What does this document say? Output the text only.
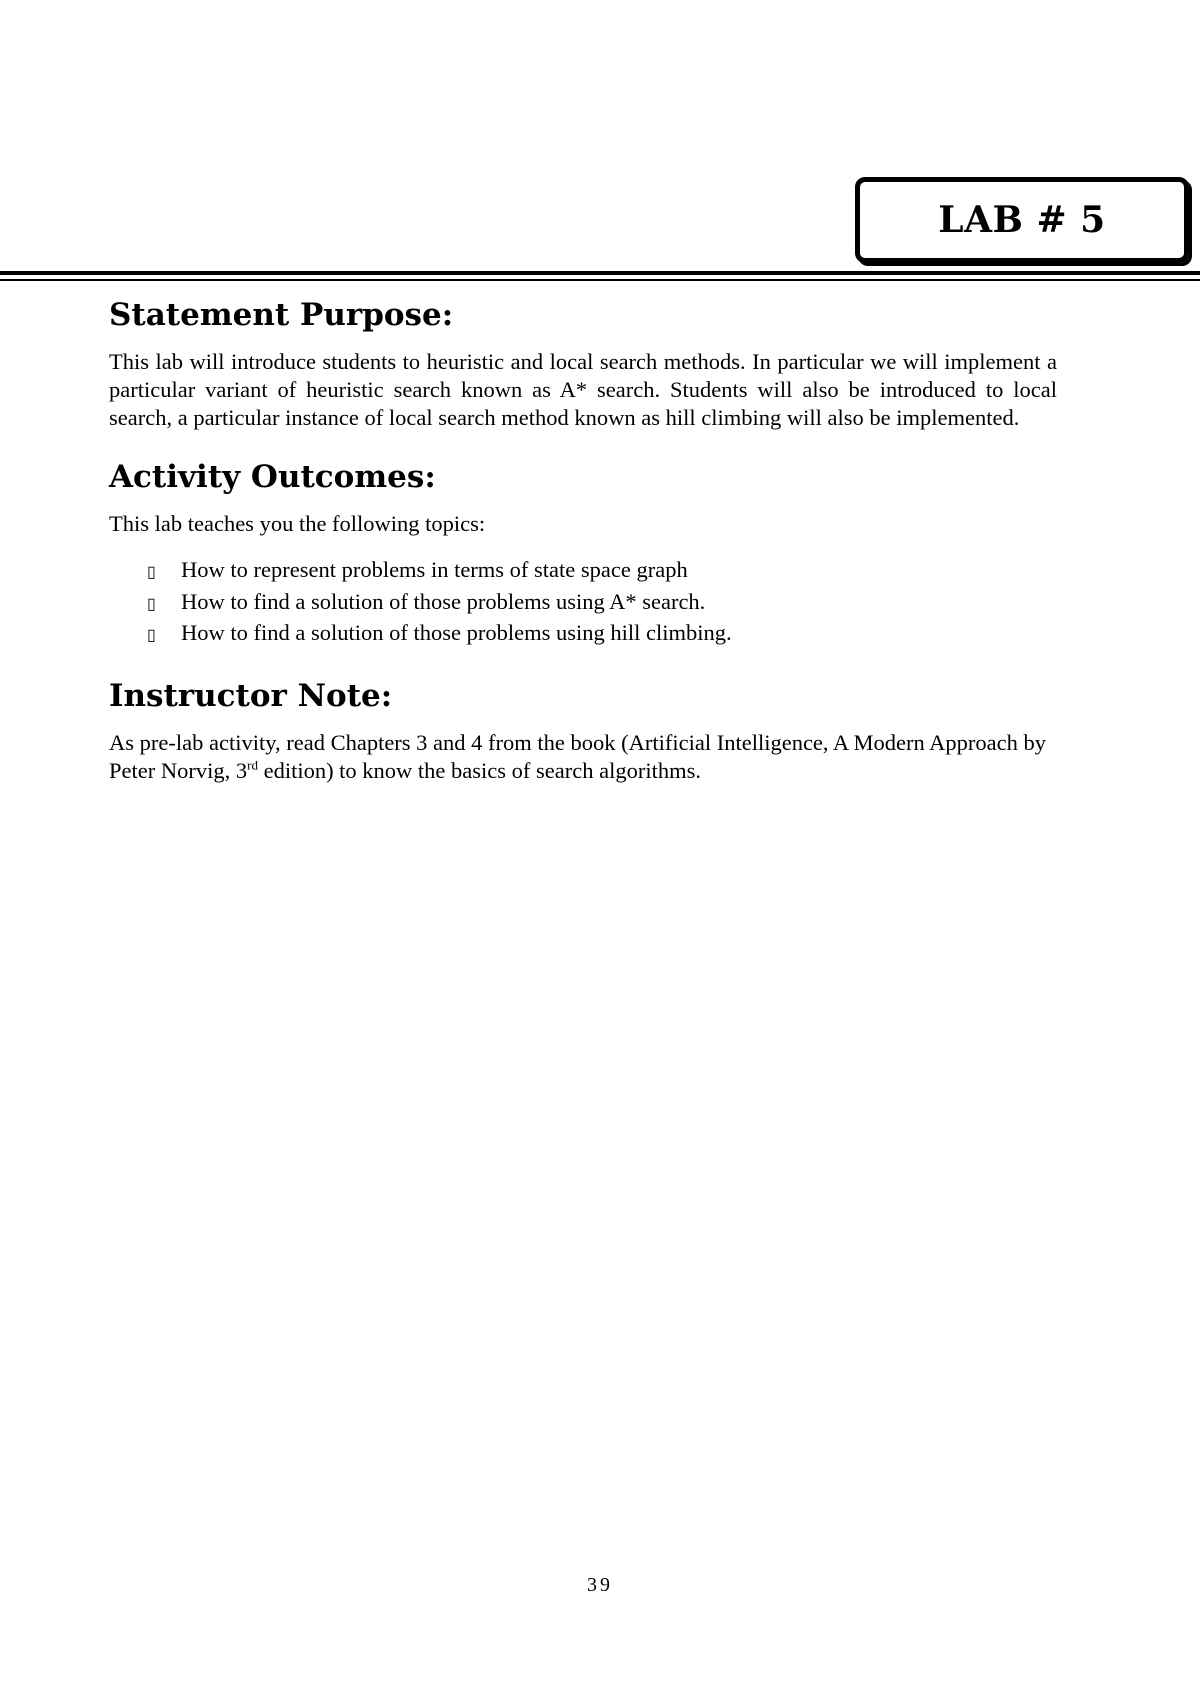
LAB # 5
Statement Purpose:

This lab will introduce students to heuristic and local search methods. In particular we will implement a particular variant of heuristic search known as A* search. Students will also be introduced to local search, a particular instance of local search method known as hill climbing will also be implemented.

Activity Outcomes:

This lab teaches you the following topics:

▯	How to represent problems in terms of state space graph
▯	How to find a solution of those problems using A* search.
▯	How to find a solution of those problems using hill climbing.
Instructor Note:

As pre-lab activity, read Chapters 3 and 4 from the book (Artificial Intelligence, A Modern Approach by Peter Norvig, 3rd edition) to know the basics of search algorithms.

39
